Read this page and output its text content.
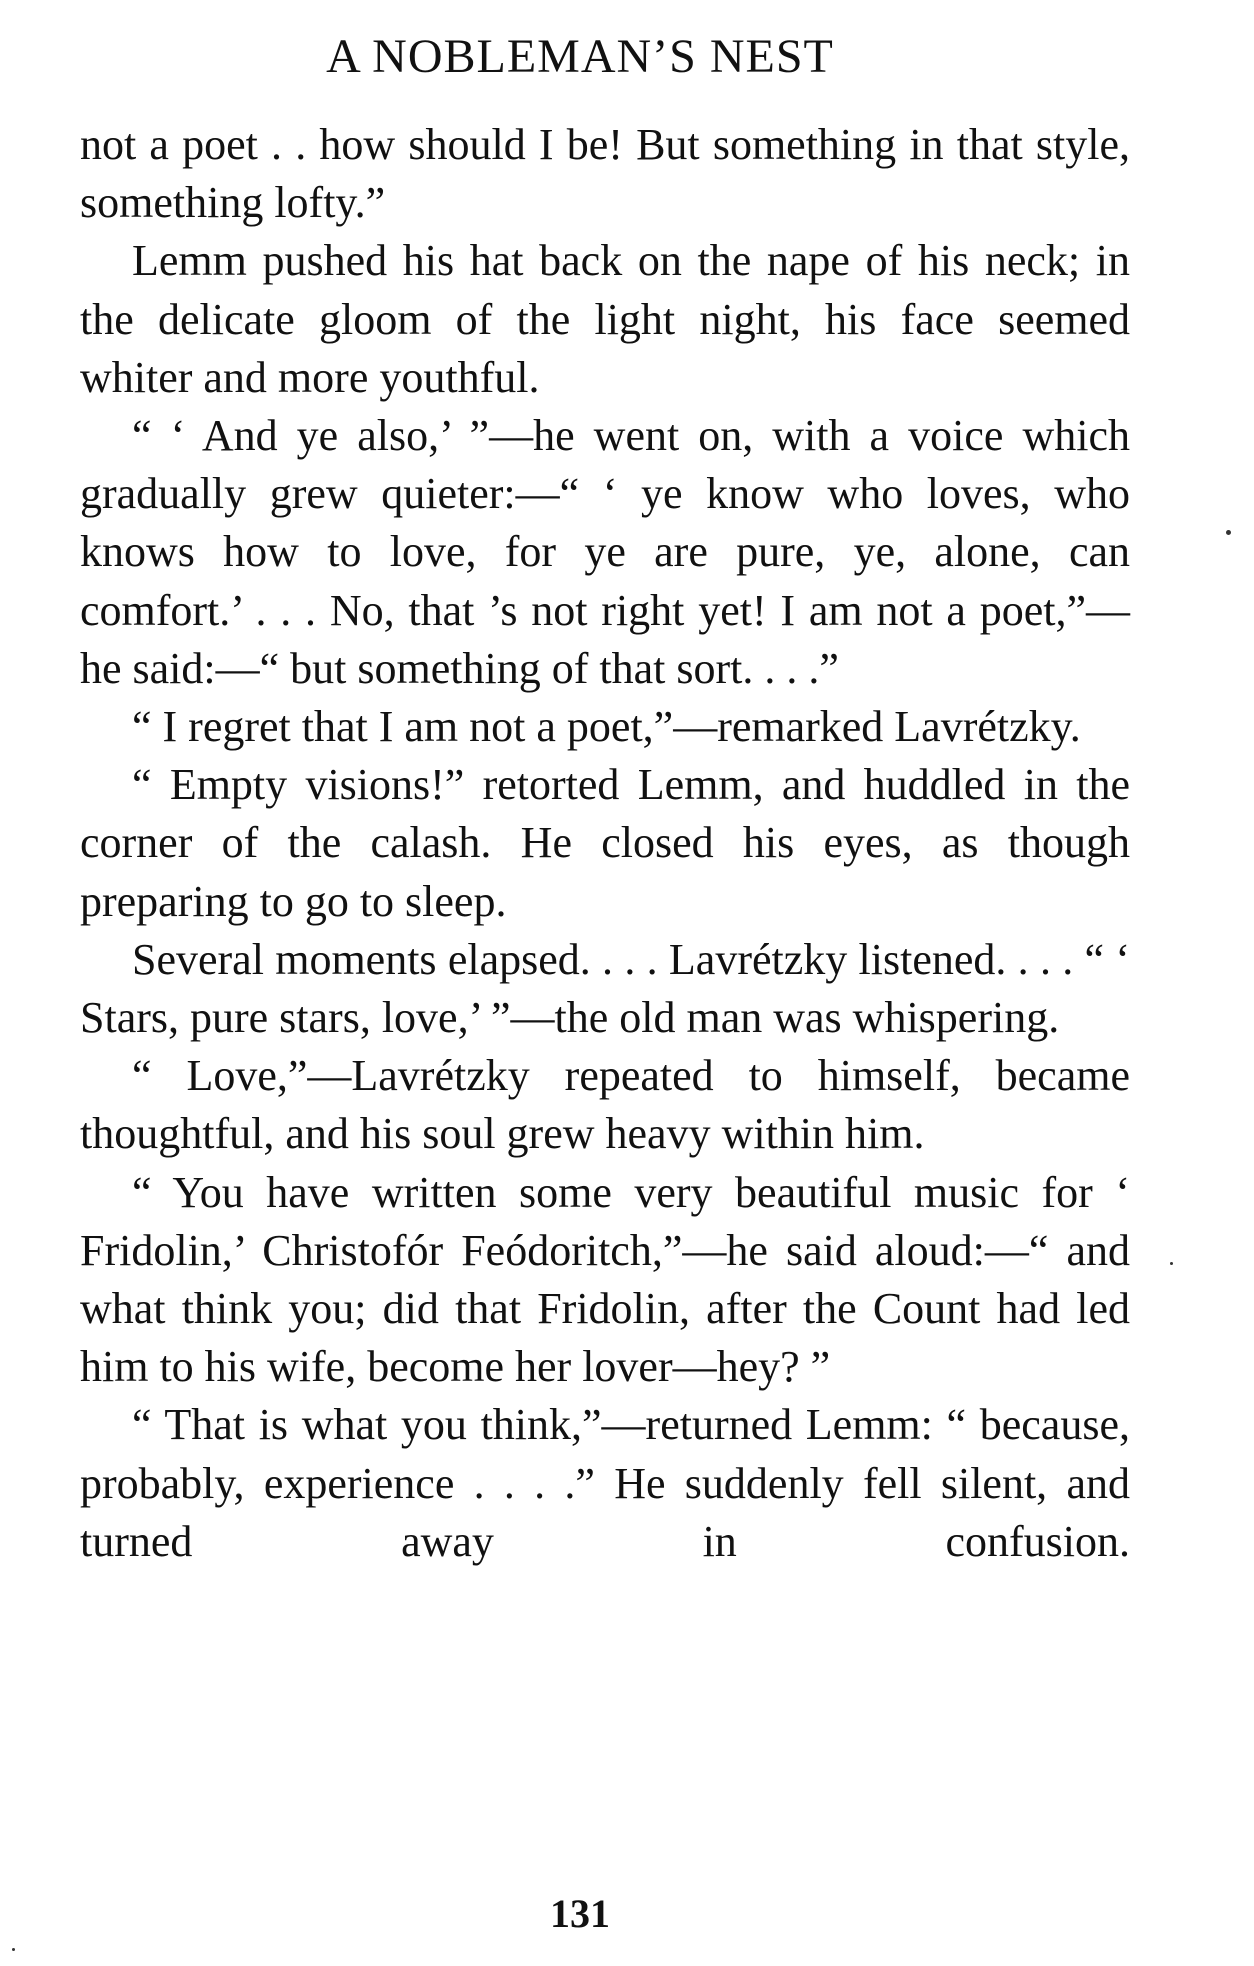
A NOBLEMAN’S NEST

not a poet . . how should I be! But something in that style, something lofty.”

Lemm pushed his hat back on the nape of his neck; in the delicate gloom of the light night, his face seemed whiter and more youthful.

“ ‘ And ye also,’ ”—he went on, with a voice which gradually grew quieter:—“ ‘ ye know who loves, who knows how to love, for ye are pure, ye, alone, can comfort.’ . . . No, that ’s not right yet! I am not a poet,”—he said:—“ but something of that sort. . . .”

“ I regret that I am not a poet,”—remarked Lavrétzky.

“ Empty visions!” retorted Lemm, and huddled in the corner of the calash. He closed his eyes, as though preparing to go to sleep.

Several moments elapsed. . . . Lavrétzky listened. . . . “ ‘ Stars, pure stars, love,’ ”—the old man was whispering.

“ Love,”—Lavrétzky repeated to himself, became thoughtful, and his soul grew heavy within him.

“ You have written some very beautiful music for ‘ Fridolin,’ Christofór Feódoritch,”—he said aloud:—“ and what think you; did that Fridolin, after the Count had led him to his wife, become her lover—hey? ”

“ That is what you think,”—returned Lemm: “ because, probably, experience . . . .” He suddenly fell silent, and turned away in confusion.

131
